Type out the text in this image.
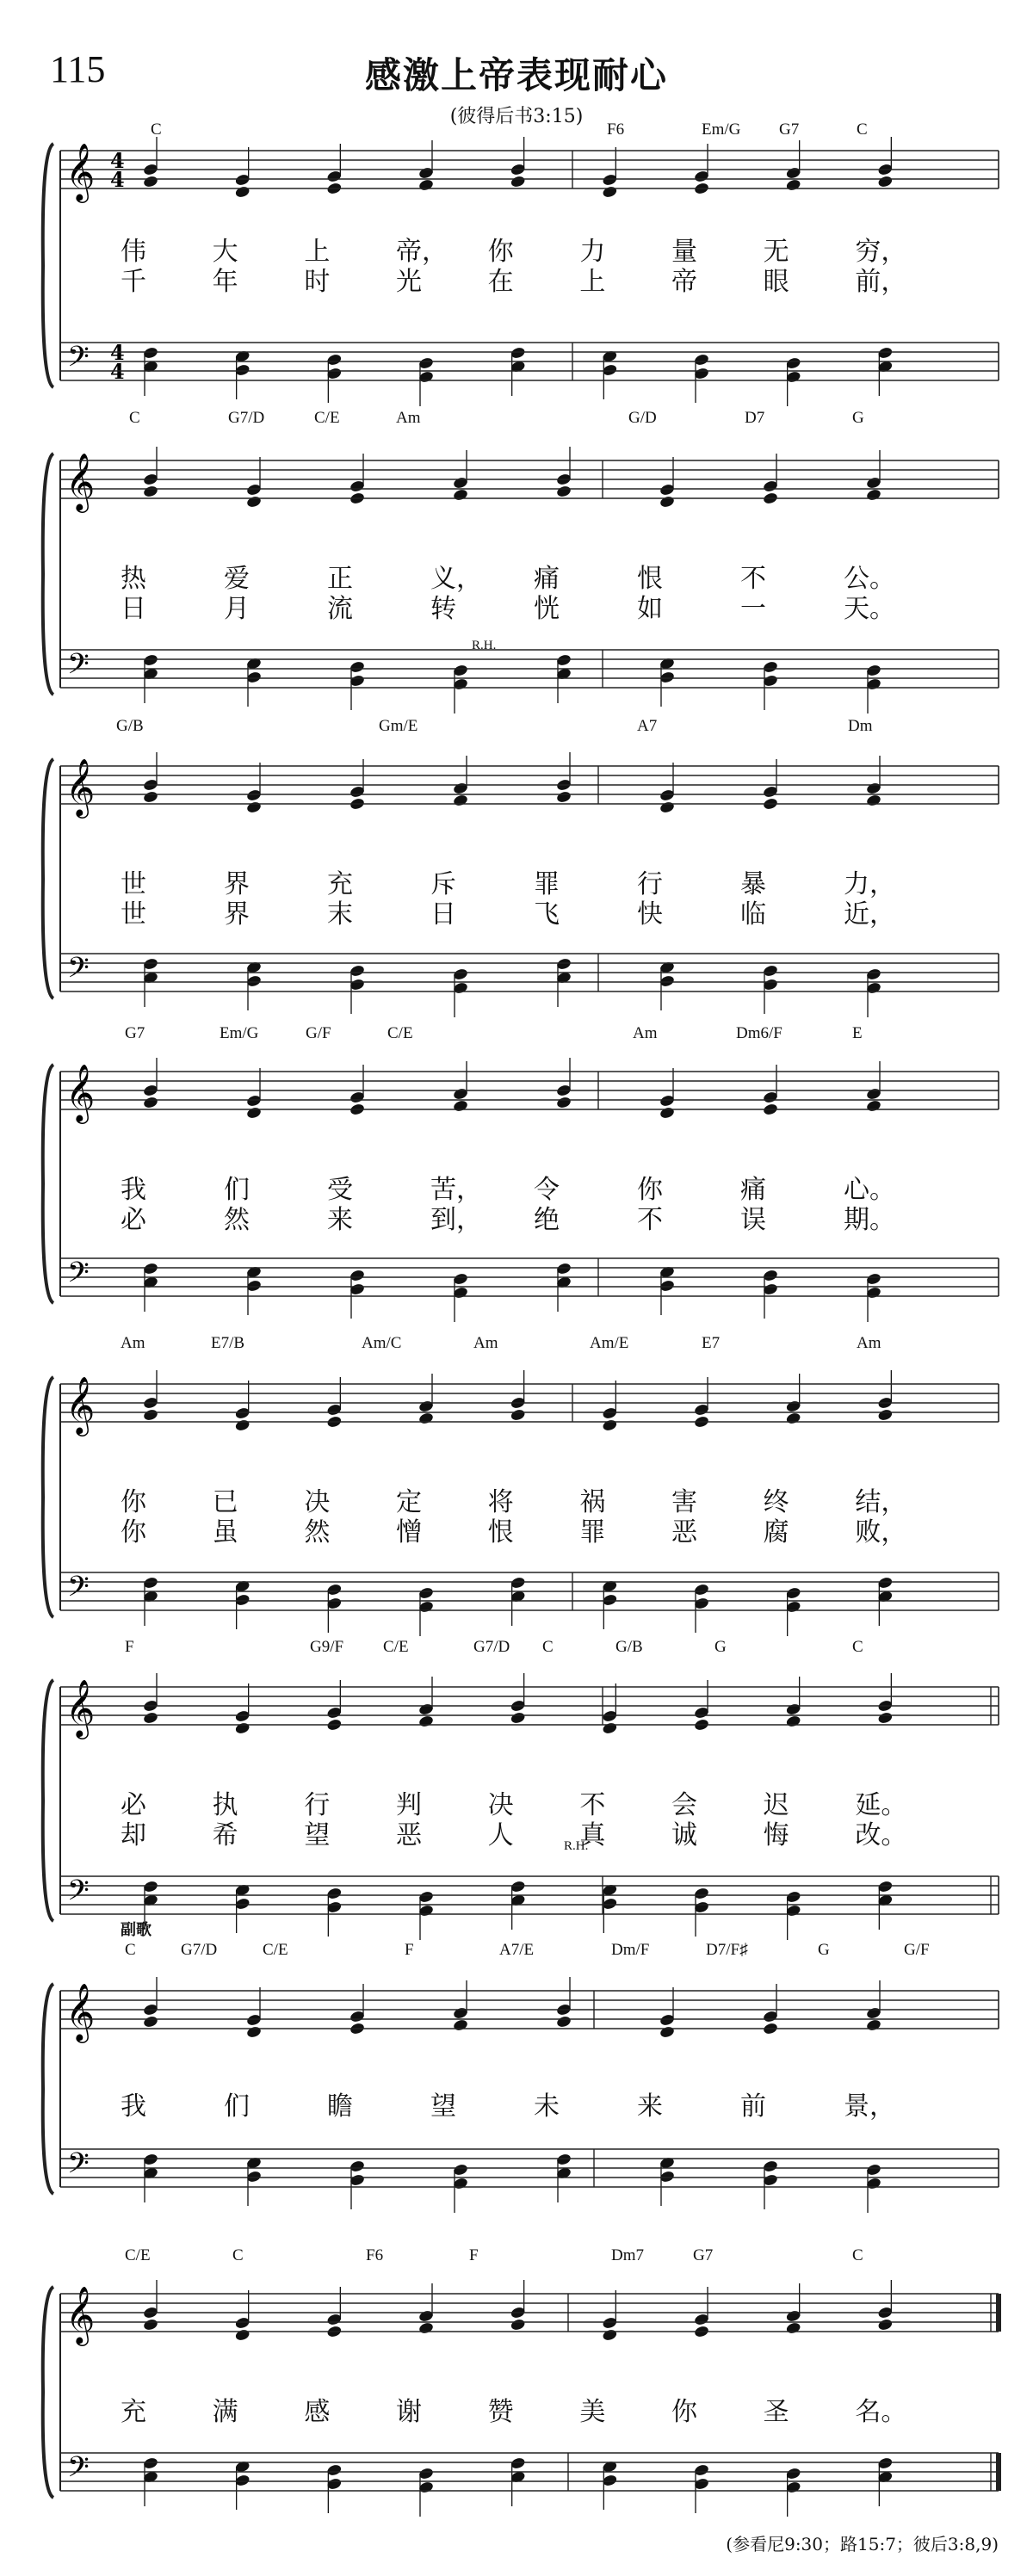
115	感激上帝表现耐心
(彼得后书3:15)
𝄞
𝄢
4
4
4
4
𝄞
𝄢
𝄞
𝄢
𝄞
𝄢
𝄞
𝄢
𝄞
𝄢
𝄞
𝄢
𝄞
𝄢
C	F6	Em/G G7	C
伟	大	上	帝， 你	力	量	无	穷，
千	年	时	光	在	上	帝	眼	前，
C	G7/D	C/E	Am	G/D	D7	G
热	爱	正	义， 痛	恨	不	公。
日	月	流	转	恍	如	一	天。
G/B	Gm/E	A7	Dm
世	界	充	斥	罪	行	暴	力，
世	界	末	日	飞	快	临	近，
G7	Em/G	G/F	C/E	Am	Dm6/F	E
我	们	受	苦， 令	你	痛	心。
必	然	来	到， 绝	不	误	期。
Am	E7/B	Am/C	Am	Am/E	E7	Am
你	已	决	定	将	祸	害	终	结，
你	虽	然	憎	恨	罪	恶	腐	败，
F	G9/F C/E	G7/D C	G/B	G	C
必	执	行	判	决	不	会	迟	延。
却	希	望	恶	人	真	诚	悔	改。
C	G7/D	C/E	F	A7/E	Dm/F	D7/F♯	G	G/F
我	们	瞻	望	未	来	前	景，
C/E	C	F6	F	Dm7	G7	C
充	满	感	谢	赞	美	你	圣	名。
R.H.
R.H.
副歌
(参看尼9:30；路15:7；彼后3:8,9)
